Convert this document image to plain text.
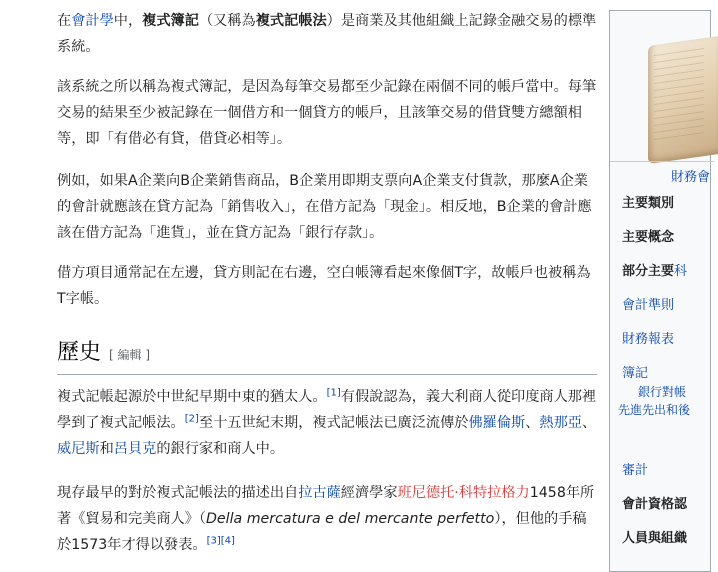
在會計學中，複式簿記（又稱為複式記帳法）是商業及其他組織上記錄金融交易的標準系統。

該系統之所以稱為複式簿記，是因為每筆交易都至少記錄在兩個不同的帳戶當中。每筆交易的結果至少被記錄在一個借方和一個貸方的帳戶，且該筆交易的借貸雙方總額相等，即「有借必有貸，借貸必相等」。

例如，如果A企業向B企業銷售商品，B企業用即期支票向A企業支付貨款，那麼A企業的會計就應該在貸方記為「銷售收入」，在借方記為「現金」。相反地，B企業的會計應該在借方記為「進貨」，並在貸方記為「銀行存款」。

借方項目通常記在左邊，貸方則記在右邊，空白帳簿看起來像個T字，故帳戶也被稱為T字帳。

歷史 [ 編輯 ]

複式記帳起源於中世紀早期中東的猶太人。[1]有假說認為，義大利商人從印度商人那裡學到了複式記帳法。[2]至十五世紀末期，複式記帳法已廣泛流傳於佛羅倫斯、熱那亞、威尼斯和呂貝克的銀行家和商人中。

現存最早的對於複式記帳法的描述出自拉古薩經濟學家班尼德托·科特拉格力1458年所著《貿易和完美商人》（Della mercatura e del mercante perfetto），但他的手稿於1573年才得以發表。[3][4]

財務會
主要類別
主要概念
部分主要科
會計準則
財務報表
簿記
銀行對帳
先進先出和後
審計
會計資格認
人員與組織
